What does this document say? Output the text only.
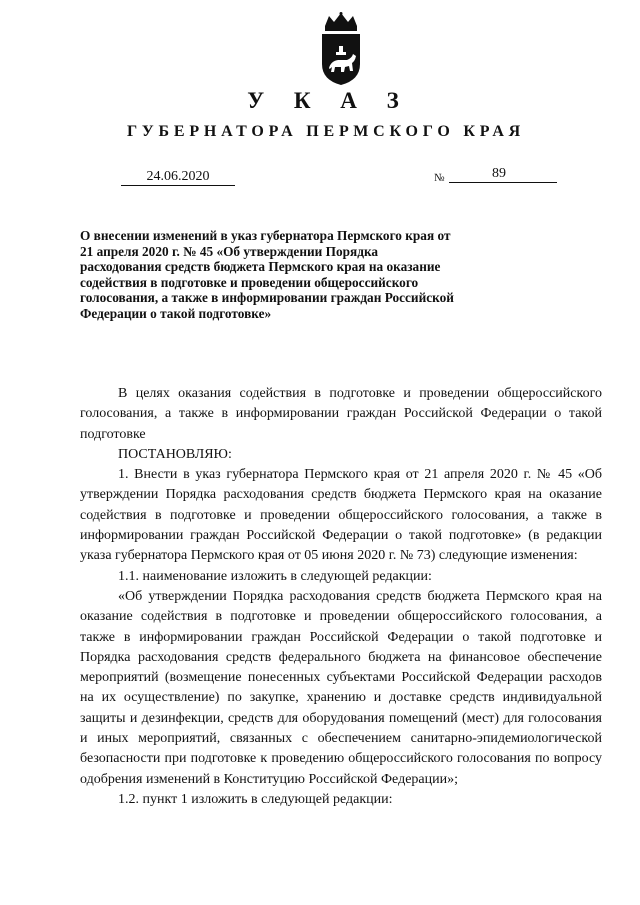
У К А З
ГУБЕРНАТОРА ПЕРМСКОГО КРАЯ
24.06.2020	№	89
О внесении изменений в указ губернатора Пермского края от 21 апреля 2020 г. № 45 «Об утверждении Порядка расходования средств бюджета Пермского края на оказание содействия в подготовке и проведении общероссийского голосования, а также в информировании граждан Российской Федерации о такой подготовке»

В целях оказания содействия в подготовке и проведении общероссийского голосования, а также в информировании граждан Российской Федерации о такой подготовке

ПОСТАНОВЛЯЮ:

1. Внести в указ губернатора Пермского края от 21 апреля 2020 г. № 45 «Об утверждении Порядка расходования средств бюджета Пермского края на оказание содействия в подготовке и проведении общероссийского голосования, а также в информировании граждан Российской Федерации о такой подготовке» (в редакции указа губернатора Пермского края от 05 июня 2020 г. № 73) следующие изменения:

1.1. наименование изложить в следующей редакции:

«Об утверждении Порядка расходования средств бюджета Пермского края на оказание содействия в подготовке и проведении общероссийского голосования, а также в информировании граждан Российской Федерации о такой подготовке и Порядка расходования средств федерального бюджета на финансовое обеспечение мероприятий (возмещение понесенных субъектами Российской Федерации расходов на их осуществление) по закупке, хранению и доставке средств индивидуальной защиты и дезинфекции, средств для оборудования помещений (мест) для голосования и иных мероприятий, связанных с обеспечением санитарно-эпидемиологической безопасности при подготовке к проведению общероссийского голосования по вопросу одобрения изменений в Конституцию Российской Федерации»;

1.2. пункт 1 изложить в следующей редакции:
